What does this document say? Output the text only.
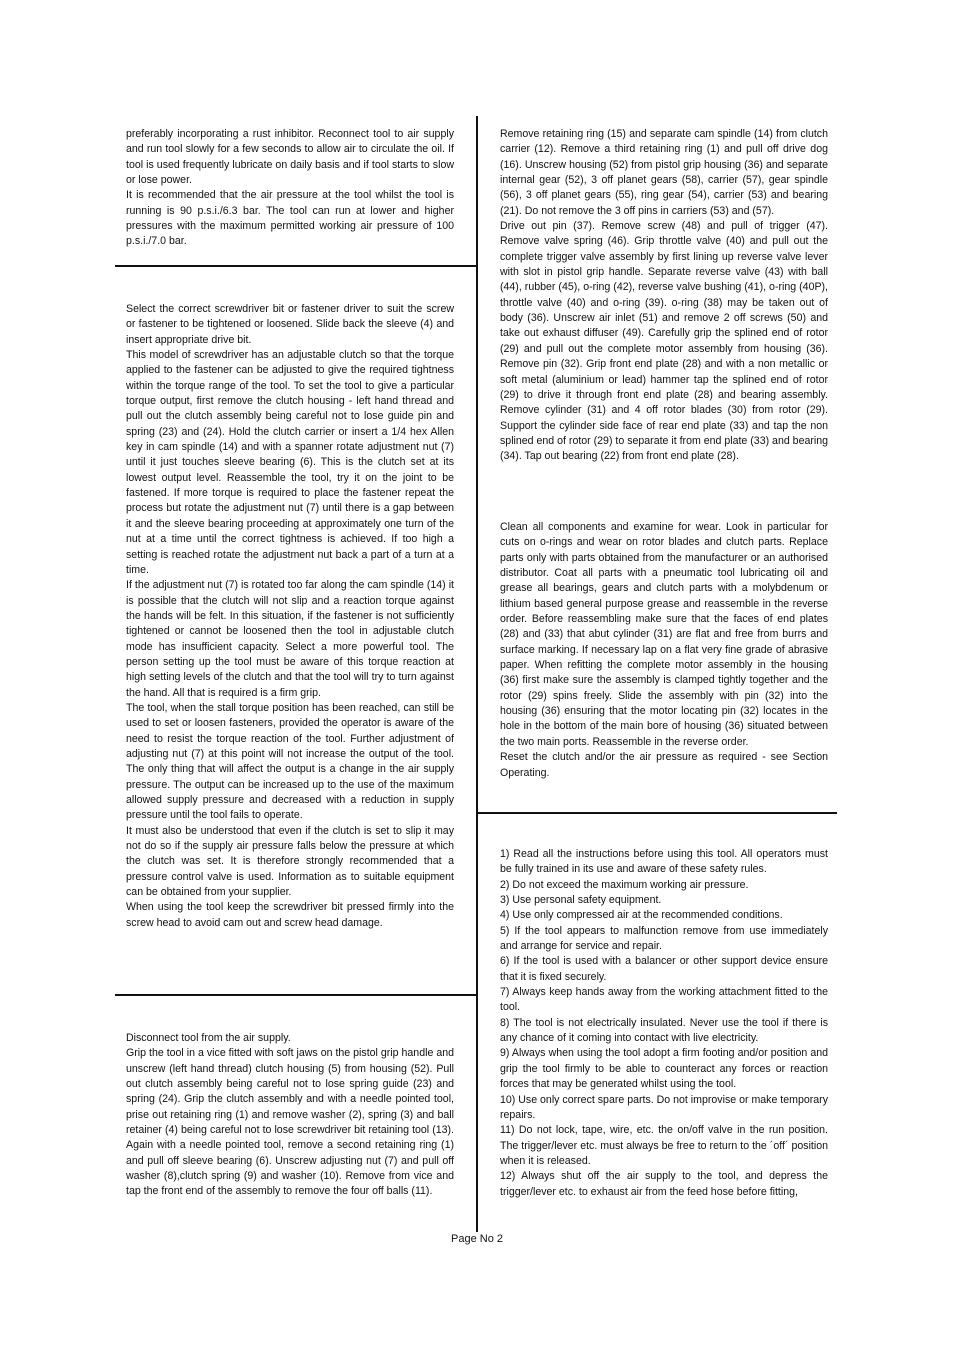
preferably incorporating a rust inhibitor. Reconnect tool to air supply and run tool slowly for a few seconds to allow air to circulate the oil. If tool is used frequently lubricate on daily basis and if tool starts to slow or lose power.

It is recommended that the air pressure at the tool whilst the tool is running is 90 p.s.i./6.3 bar. The tool can run at lower and higher pressures with the maximum permitted working air pressure of 100 p.s.i./7.0 bar.

Select the correct screwdriver bit or fastener driver to suit the screw or fastener to be tightened or loosened. Slide back the sleeve (4) and insert appropriate drive bit.

This model of screwdriver has an adjustable clutch so that the torque applied to the fastener can be adjusted to give the required tightness within the torque range of the tool. To set the tool to give a particular torque output, first remove the clutch housing - left hand thread and pull out the clutch assembly being careful not to lose guide pin and spring (23) and (24). Hold the clutch carrier or insert a 1/4 hex Allen key in cam spindle (14) and with a spanner rotate adjustment nut (7) until it just touches sleeve bearing (6). This is the clutch set at its lowest output level. Reassemble the tool, try it on the joint to be fastened. If more torque is required to place the fastener repeat the process but rotate the adjustment nut (7) until there is a gap between it and the sleeve bearing proceeding at approximately one turn of the nut at a time until the correct tightness is achieved. If too high a setting is reached rotate the adjustment nut back a part of a turn at a time.

If the adjustment nut (7) is rotated too far along the cam spindle (14) it is possible that the clutch will not slip and a reaction torque against the hands will be felt. In this situation, if the fastener is not sufficiently tightened or cannot be loosened then the tool in adjustable clutch mode has insufficient capacity. Select a more powerful tool. The person setting up the tool must be aware of this torque reaction at high setting levels of the clutch and that the tool will try to turn against the hand. All that is required is a firm grip.

The tool, when the stall torque position has been reached, can still be used to set or loosen fasteners, provided the operator is aware of the need to resist the torque reaction of the tool. Further adjustment of adjusting nut (7) at this point will not increase the output of the tool. The only thing that will affect the output is a change in the air supply pressure. The output can be increased up to the use of the maximum allowed supply pressure and decreased with a reduction in supply pressure until the tool fails to operate.

It must also be understood that even if the clutch is set to slip it may not do so if the supply air pressure falls below the pressure at which the clutch was set. It is therefore strongly recommended that a pressure control valve is used. Information as to suitable equipment can be obtained from your supplier.

When using the tool keep the screwdriver bit pressed firmly into the screw head to avoid cam out and screw head damage.

Disconnect tool from the air supply.

Grip the tool in a vice fitted with soft jaws on the pistol grip handle and unscrew (left hand thread) clutch housing (5) from housing (52). Pull out clutch assembly being careful not to lose spring guide (23) and spring (24). Grip the clutch assembly and with a needle pointed tool, prise out retaining ring (1) and remove washer (2), spring (3) and ball retainer (4) being careful not to lose screwdriver bit retaining tool (13). Again with a needle pointed tool, remove a second retaining ring (1) and pull off sleeve bearing (6). Unscrew adjusting nut (7) and pull off washer (8),clutch spring (9) and washer (10). Remove from vice and tap the front end of the assembly to remove the four off balls (11).

Remove retaining ring (15) and separate cam spindle (14) from clutch carrier (12). Remove a third retaining ring (1) and pull off drive dog (16). Unscrew housing (52) from pistol grip housing (36) and separate internal gear (52), 3 off planet gears (58), carrier (57), gear spindle (56), 3 off planet gears (55), ring gear (54), carrier (53) and bearing (21). Do not remove the 3 off pins in carriers (53) and (57).

Drive out pin (37). Remove screw (48) and pull of trigger (47). Remove valve spring (46). Grip throttle valve (40) and pull out the complete trigger valve assembly by first lining up reverse valve lever with slot in pistol grip handle. Separate reverse valve (43) with ball (44), rubber (45), o-ring (42), reverse valve bushing (41), o-ring (40P), throttle valve (40) and o-ring (39). o-ring (38) may be taken out of body (36). Unscrew air inlet (51) and remove 2 off screws (50) and take out exhaust diffuser (49). Carefully grip the splined end of rotor (29) and pull out the complete motor assembly from housing (36). Remove pin (32). Grip front end plate (28) and with a non metallic or soft metal (aluminium or lead) hammer tap the splined end of rotor (29) to drive it through front end plate (28) and bearing assembly. Remove cylinder (31) and 4 off rotor blades (30) from rotor (29). Support the cylinder side face of rear end plate (33) and tap the non splined end of rotor (29) to separate it from end plate (33) and bearing (34). Tap out bearing (22) from front end plate (28).

Clean all components and examine for wear. Look in particular for cuts on o-rings and wear on rotor blades and clutch parts. Replace parts only with parts obtained from the manufacturer or an authorised distributor. Coat all parts with a pneumatic tool lubricating oil and grease all bearings, gears and clutch parts with a molybdenum or lithium based general purpose grease and reassemble in the reverse order. Before reassembling make sure that the faces of end plates (28) and (33) that abut cylinder (31) are flat and free from burrs and surface marking. If necessary lap on a flat very fine grade of abrasive paper. When refitting the complete motor assembly in the housing (36) first make sure the assembly is clamped tightly together and the rotor (29) spins freely. Slide the assembly with pin (32) into the housing (36) ensuring that the motor locating pin (32) locates in the hole in the bottom of the main bore of housing (36) situated between the two main ports. Reassemble in the reverse order.

Reset the clutch and/or the air pressure as required - see Section Operating.

1) Read all the instructions before using this tool. All operators must be fully trained in its use and aware of these safety rules.

2) Do not exceed the maximum working air pressure.

3) Use personal safety equipment.

4) Use only compressed air at the recommended conditions.

5) If the tool appears to malfunction remove from use immediately and arrange for service and repair.

6) If the tool is used with a balancer or other support device ensure that it is fixed securely.

7) Always keep hands away from the working attachment fitted to the tool.

8) The tool is not electrically insulated. Never use the tool if there is any chance of it coming into contact with live electricity.

9) Always when using the tool adopt a firm footing and/or position and grip the tool firmly to be able to counteract any forces or reaction forces that may be generated whilst using the tool.

10) Use only correct spare parts. Do not improvise or make temporary repairs.

11) Do not lock, tape, wire, etc. the on/off valve in the run position. The trigger/lever etc. must always be free to return to the ´off´ position when it is released.

12) Always shut off the air supply to the tool, and depress the trigger/lever etc. to exhaust air from the feed hose before fitting,

Page No 2
